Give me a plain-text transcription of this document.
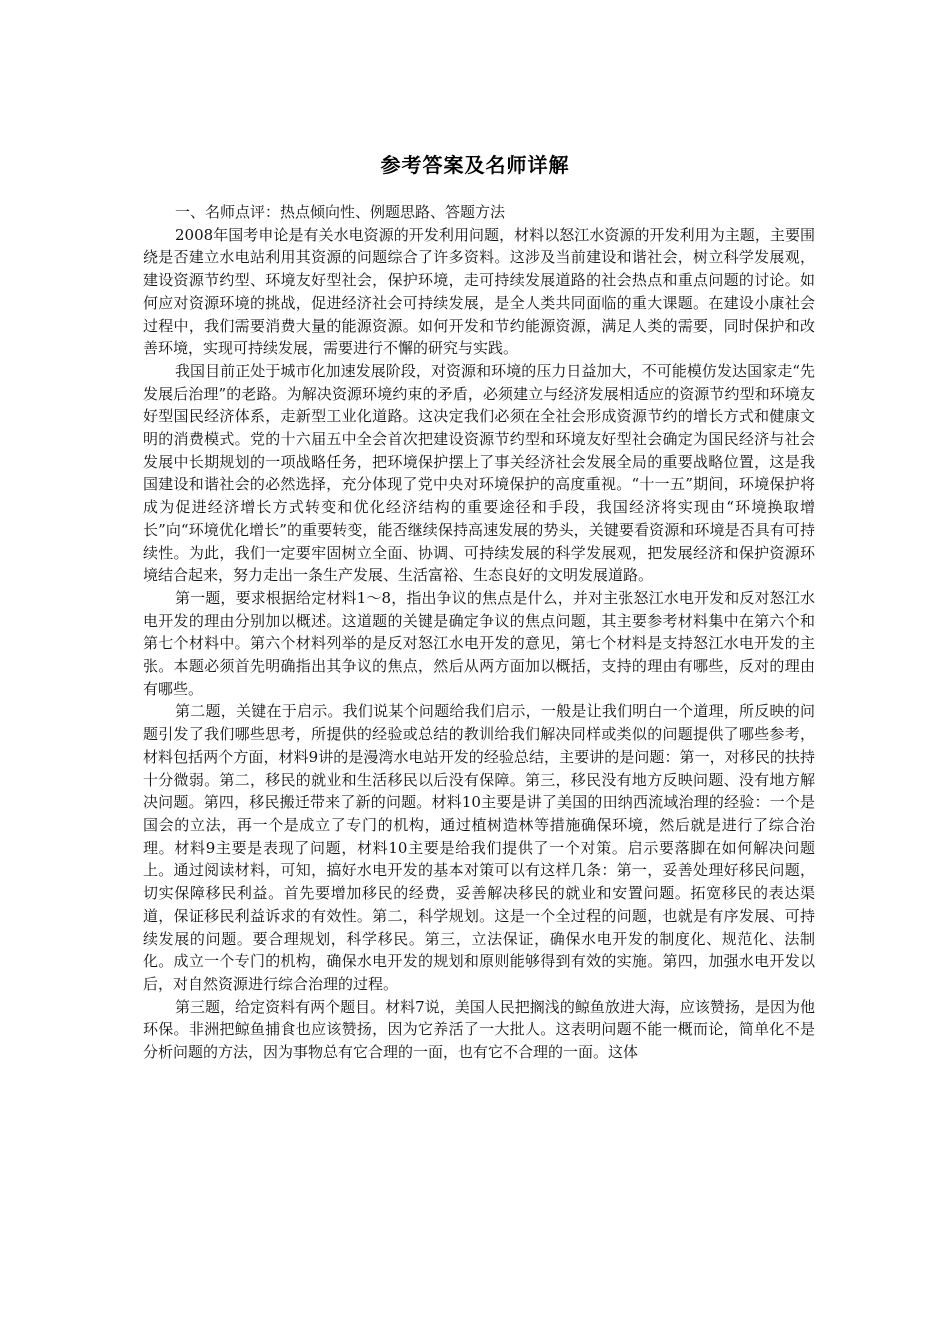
参考答案及名师详解

一、名师点评：热点倾向性、例题思路、答题方法

2008年国考申论是有关水电资源的开发利用问题，材料以怒江水资源的开发利用为主题，主要围绕是否建立水电站利用其资源的问题综合了许多资料。这涉及当前建设和谐社会，树立科学发展观，建设资源节约型、环境友好型社会，保护环境，走可持续发展道路的社会热点和重点问题的讨论。如何应对资源环境的挑战，促进经济社会可持续发展，是全人类共同面临的重大课题。在建设小康社会过程中，我们需要消费大量的能源资源。如何开发和节约能源资源，满足人类的需要，同时保护和改善环境，实现可持续发展，需要进行不懈的研究与实践。

我国目前正处于城市化加速发展阶段，对资源和环境的压力日益加大，不可能模仿发达国家走“先发展后治理”的老路。为解决资源环境约束的矛盾，必须建立与经济发展相适应的资源节约型和环境友好型国民经济体系，走新型工业化道路。这决定我们必须在全社会形成资源节约的增长方式和健康文明的消费模式。党的十六届五中全会首次把建设资源节约型和环境友好型社会确定为国民经济与社会发展中长期规划的一项战略任务，把环境保护摆上了事关经济社会发展全局的重要战略位置，这是我国建设和谐社会的必然选择，充分体现了党中央对环境保护的高度重视。“十一五”期间，环境保护将成为促进经济增长方式转变和优化经济结构的重要途径和手段，我国经济将实现由“环境换取增长”向“环境优化增长”的重要转变，能否继续保持高速发展的势头，关键要看资源和环境是否具有可持续性。为此，我们一定要牢固树立全面、协调、可持续发展的科学发展观，把发展经济和保护资源环境结合起来，努力走出一条生产发展、生活富裕、生态良好的文明发展道路。

第一题，要求根据给定材料1～8，指出争议的焦点是什么，并对主张怒江水电开发和反对怒江水电开发的理由分别加以概述。这道题的关键是确定争议的焦点问题，其主要参考材料集中在第六个和第七个材料中。第六个材料列举的是反对怒江水电开发的意见，第七个材料是支持怒江水电开发的主张。本题必须首先明确指出其争议的焦点，然后从两方面加以概括，支持的理由有哪些，反对的理由有哪些。

第二题，关键在于启示。我们说某个问题给我们启示，一般是让我们明白一个道理，所反映的问题引发了我们哪些思考，所提供的经验或总结的教训给我们解决同样或类似的问题提供了哪些参考，材料包括两个方面，材料9讲的是漫湾水电站开发的经验总结，主要讲的是问题：第一，对移民的扶持十分微弱。第二，移民的就业和生活移民以后没有保障。第三，移民没有地方反映问题、没有地方解决问题。第四，移民搬迁带来了新的问题。材料10主要是讲了美国的田纳西流域治理的经验：一个是国会的立法，再一个是成立了专门的机构，通过植树造林等措施确保环境，然后就是进行了综合治理。材料9主要是表现了问题，材料10主要是给我们提供了一个对策。启示要落脚在如何解决问题上。通过阅读材料，可知，搞好水电开发的基本对策可以有这样几条：第一，妥善处理好移民问题，切实保障移民利益。首先要增加移民的经费，妥善解决移民的就业和安置问题。拓宽移民的表达渠道，保证移民利益诉求的有效性。第二，科学规划。这是一个全过程的问题，也就是有序发展、可持续发展的问题。要合理规划，科学移民。第三，立法保证，确保水电开发的制度化、规范化、法制化。成立一个专门的机构，确保水电开发的规划和原则能够得到有效的实施。第四，加强水电开发以后，对自然资源进行综合治理的过程。

第三题，给定资料有两个题目。材料7说，美国人民把搁浅的鲸鱼放进大海，应该赞扬，是因为他环保。非洲把鲸鱼捕食也应该赞扬，因为它养活了一大批人。这表明问题不能一概而论，简单化不是分析问题的方法，因为事物总有它合理的一面，也有它不合理的一面。这体
